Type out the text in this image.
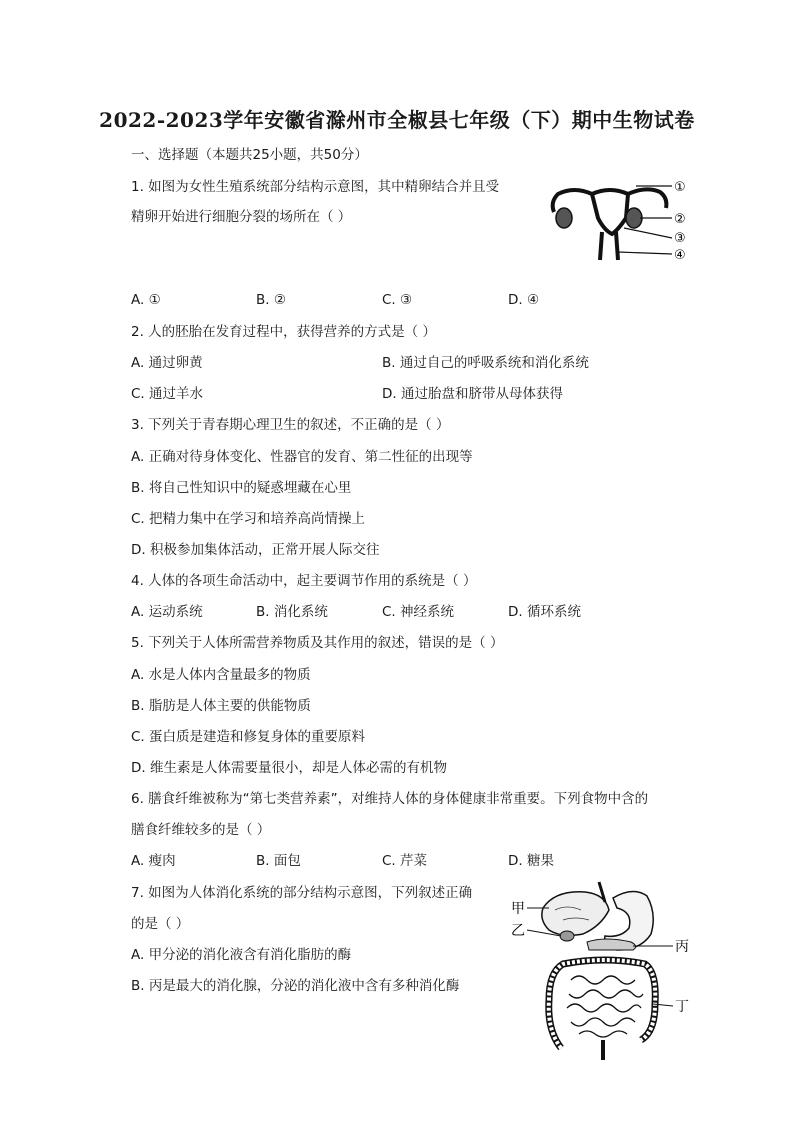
2022-2023学年安徽省滁州市全椒县七年级（下）期中生物试卷
一、选择题（本题共25小题，共50分）
1. 如图为女性生殖系统部分结构示意图，其中精卵结合并且受
精卵开始进行细胞分裂的场所在（ ）
①
②
③
④
A. ①	B. ②	C. ③	D. ④
2. 人的胚胎在发育过程中，获得营养的方式是（ ）
A. 通过卵黄	B. 通过自己的呼吸系统和消化系统
C. 通过羊水	D. 通过胎盘和脐带从母体获得
3. 下列关于青春期心理卫生的叙述，不正确的是（ ）
A. 正确对待身体变化、性器官的发育、第二性征的出现等
B. 将自己性知识中的疑惑埋藏在心里
C. 把精力集中在学习和培养高尚情操上
D. 积极参加集体活动，正常开展人际交往
4. 人体的各项生命活动中，起主要调节作用的系统是（ ）
A. 运动系统	B. 消化系统	C. 神经系统	D. 循环系统
5. 下列关于人体所需营养物质及其作用的叙述，错误的是（ ）
A. 水是人体内含量最多的物质
B. 脂肪是人体主要的供能物质
C. 蛋白质是建造和修复身体的重要原料
D. 维生素是人体需要量很小，却是人体必需的有机物
6. 膳食纤维被称为“第七类营养素”，对维持人体的身体健康非常重要。下列食物中含的
膳食纤维较多的是（ ）
A. 瘦肉	B. 面包	C. 芹菜	D. 糖果
7. 如图为人体消化系统的部分结构示意图，下列叙述正确
的是（ ）
A. 甲分泌的消化液含有消化脂肪的酶
B. 丙是最大的消化腺，分泌的消化液中含有多种消化酶
甲
乙
丙
丁
